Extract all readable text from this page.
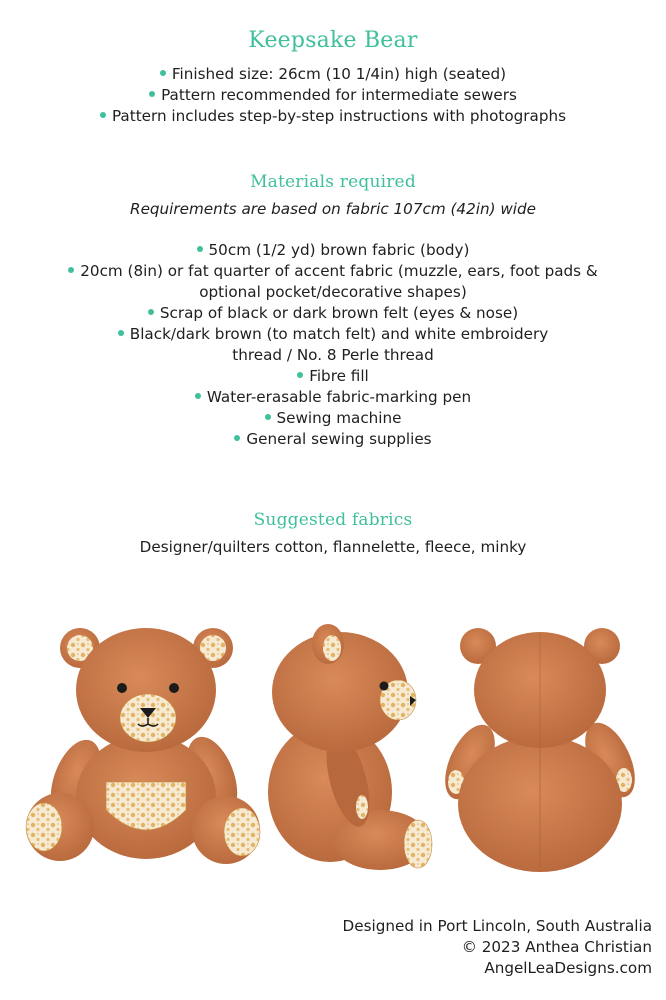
Keepsake Bear

Finished size: 26cm (10 1/4in) high (seated)

Pattern recommended for intermediate sewers

Pattern includes step-by-step instructions with photographs

Materials required

Requirements are based on fabric 107cm (42in) wide

50cm (1/2 yd) brown fabric (body)

20cm (8in) or fat quarter of accent fabric (muzzle, ears, foot pads &

optional pocket/decorative shapes)

Scrap of black or dark brown felt (eyes & nose)

Black/dark brown (to match felt) and white embroidery

thread / No. 8 Perle thread

Fibre fill

Water-erasable fabric-marking pen

Sewing machine

General sewing supplies

Suggested fabrics

Designer/quilters cotton, flannelette, fleece, minky

Designed in Port Lincoln, South Australia

© 2023 Anthea Christian

AngelLeaDesigns.com
